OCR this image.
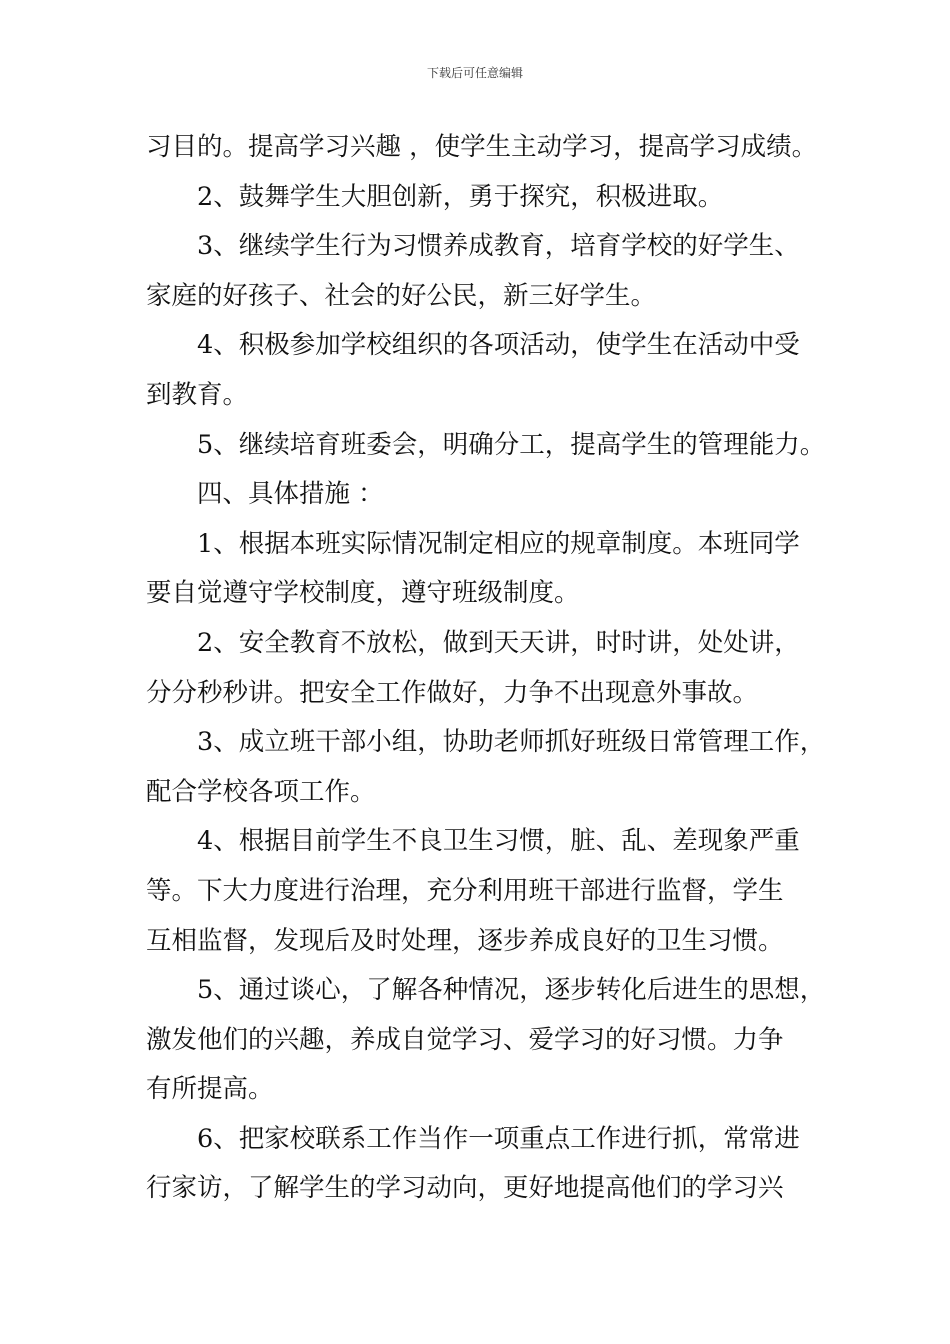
下载后可任意编辑
习目的。提高学习兴趣 ，使学生主动学习，提高学习成绩。
2、鼓舞学生大胆创新，勇于探究，积极进取。
3、继续学生行为习惯养成教育，培育学校的好学生、
家庭的好孩子、社会的好公民，新三好学生。
4、积极参加学校组织的各项活动，使学生在活动中受
到教育。
5、继续培育班委会，明确分工，提高学生的管理能力。
四、具体措施 ：
1、根据本班实际情况制定相应的规章制度。本班同学
要自觉遵守学校制度，遵守班级制度。
2、安全教育不放松，做到天天讲，时时讲，处处讲，
分分秒秒讲。把安全工作做好，力争不出现意外事故。
3、成立班干部小组，协助老师抓好班级日常管理工作，
配合学校各项工作。
4、根据目前学生不良卫生习惯，脏、乱、差现象严重
等。下大力度进行治理，充分利用班干部进行监督，学生
互相监督，发现后及时处理，逐步养成良好的卫生习惯。
5、通过谈心，了解各种情况，逐步转化后进生的思想，
激发他们的兴趣，养成自觉学习、爱学习的好习惯。力争
有所提高。
6、把家校联系工作当作一项重点工作进行抓，常常进
行家访，了解学生的学习动向，更好地提高他们的学习兴
